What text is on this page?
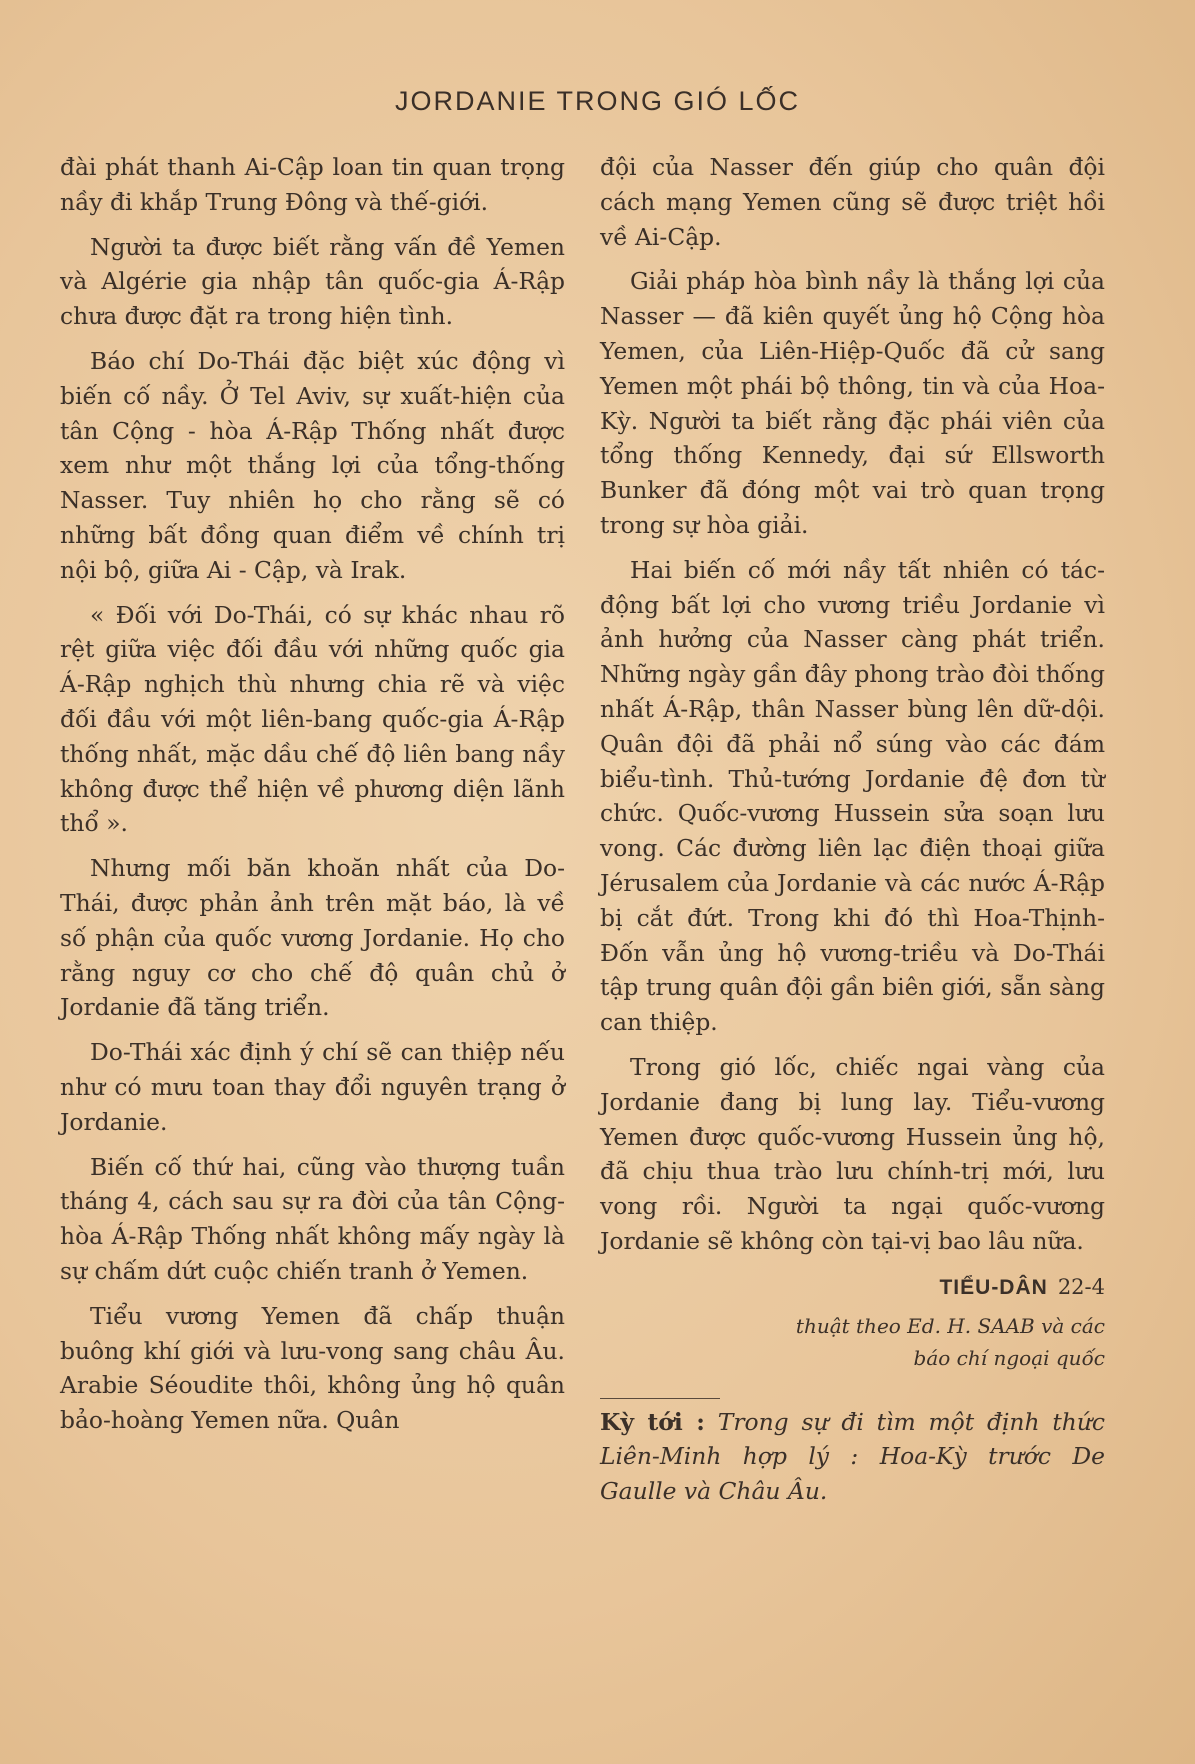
JORDANIE TRONG GIÓ LỐC

đài phát thanh Ai-Cập loan tin quan trọng nầy đi khắp Trung Đông và thế-giới.

Người ta được biết rằng vấn đề Yemen và Algérie gia nhập tân quốc-gia Á-Rập chưa được đặt ra trong hiện tình.

Báo chí Do-Thái đặc biệt xúc động vì biến cố nầy. Ở Tel Aviv, sự xuất-hiện của tân Cộng - hòa Á-Rập Thống nhất được xem như một thắng lợi của tổng-thống Nasser. Tuy nhiên họ cho rằng sẽ có những bất đồng quan điểm về chính trị nội bộ, giữa Ai - Cập, và Irak.

« Đối với Do-Thái, có sự khác nhau rõ rệt giữa việc đối đầu với những quốc gia Á-Rập nghịch thù nhưng chia rẽ và việc đối đầu với một liên-bang quốc-gia Á-Rập thống nhất, mặc dầu chế độ liên bang nầy không được thể hiện về phương diện lãnh thổ ».

Nhưng mối băn khoăn nhất của Do-Thái, được phản ảnh trên mặt báo, là về số phận của quốc vương Jordanie. Họ cho rằng nguy cơ cho chế độ quân chủ ở Jordanie đã tăng triển.

Do-Thái xác định ý chí sẽ can thiệp nếu như có mưu toan thay đổi nguyên trạng ở Jordanie.

Biến cố thứ hai, cũng vào thượng tuần tháng 4, cách sau sự ra đời của tân Cộng-hòa Á-Rập Thống nhất không mấy ngày là sự chấm dứt cuộc chiến tranh ở Yemen.

Tiểu vương Yemen đã chấp thuận buông khí giới và lưu-vong sang châu Âu. Arabie Séoudite thôi, không ủng hộ quân bảo-hoàng Yemen nữa. Quân

đội của Nasser đến giúp cho quân đội cách mạng Yemen cũng sẽ được triệt hồi về Ai-Cập.

Giải pháp hòa bình nầy là thắng lợi của Nasser — đã kiên quyết ủng hộ Cộng hòa Yemen, của Liên-Hiệp-Quốc đã cử sang Yemen một phái bộ thông, tin và của Hoa-Kỳ. Người ta biết rằng đặc phái viên của tổng thống Kennedy, đại sứ Ellsworth Bunker đã đóng một vai trò quan trọng trong sự hòa giải.

Hai biến cố mới nầy tất nhiên có tác-động bất lợi cho vương triều Jordanie vì ảnh hưởng của Nasser càng phát triển. Những ngày gần đây phong trào đòi thống nhất Á-Rập, thân Nasser bùng lên dữ-dội. Quân đội đã phải nổ súng vào các đám biểu-tình. Thủ-tướng Jordanie đệ đơn từ chức. Quốc-vương Hussein sửa soạn lưu vong. Các đường liên lạc điện thoại giữa Jérusalem của Jordanie và các nước Á-Rập bị cắt đứt. Trong khi đó thì Hoa-Thịnh-Đốn vẫn ủng hộ vương-triều và Do-Thái tập trung quân đội gần biên giới, sẵn sàng can thiệp.

Trong gió lốc, chiếc ngai vàng của Jordanie đang bị lung lay. Tiểu-vương Yemen được quốc-vương Hussein ủng hộ, đã chịu thua trào lưu chính-trị mới, lưu vong rồi. Người ta ngại quốc-vương Jordanie sẽ không còn tại-vị bao lâu nữa.

TIỂU-DÂN 22-4

thuật theo Ed. H. SAAB và các
báo chí ngoại quốc

Kỳ tới : Trong sự đi tìm một định thức Liên-Minh hợp lý : Hoa-Kỳ trước De Gaulle và Châu Âu.
